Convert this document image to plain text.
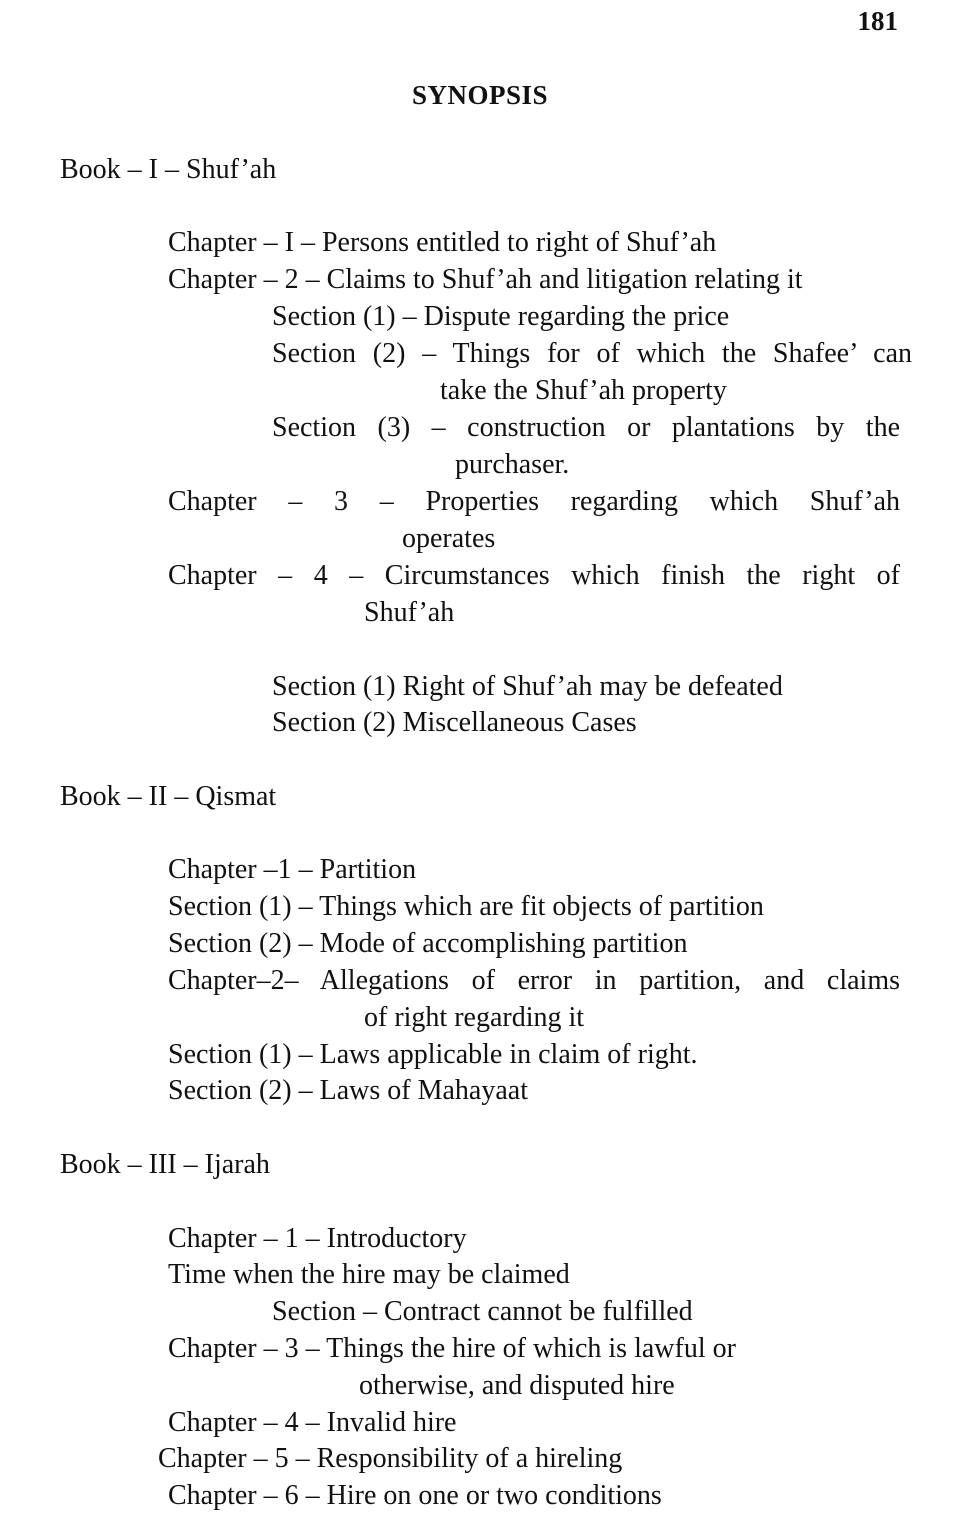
181
SYNOPSIS
Book – I – Shuf’ah
Chapter – I – Persons entitled to right of Shuf’ah
Chapter – 2 – Claims to Shuf’ah and litigation relating it
Section (1) – Dispute regarding the price
Section (2) – Things for of which the Shafee’ can
take the Shuf’ah property
Section (3) – construction or plantations by the
purchaser.
Chapter – 3 – Properties regarding which Shuf’ah
operates
Chapter – 4 – Circumstances which finish the right of
Shuf’ah
Section (1) Right of Shuf’ah may be defeated
Section (2) Miscellaneous Cases
Book – II – Qismat
Chapter –1 – Partition
Section (1) – Things which are fit objects of partition
Section (2) – Mode of accomplishing partition
Chapter–2– Allegations of error in partition, and claims
of right regarding it
Section (1) – Laws applicable in claim of right.
Section (2) – Laws of Mahayaat
Book – III – Ijarah
Chapter – 1 – Introductory
Time when the hire may be claimed
Section – Contract cannot be fulfilled
Chapter – 3 – Things the hire of which is lawful or
otherwise, and disputed hire
Chapter – 4 – Invalid hire
Chapter – 5 – Responsibility of a hireling
Chapter – 6 – Hire on one or two conditions
